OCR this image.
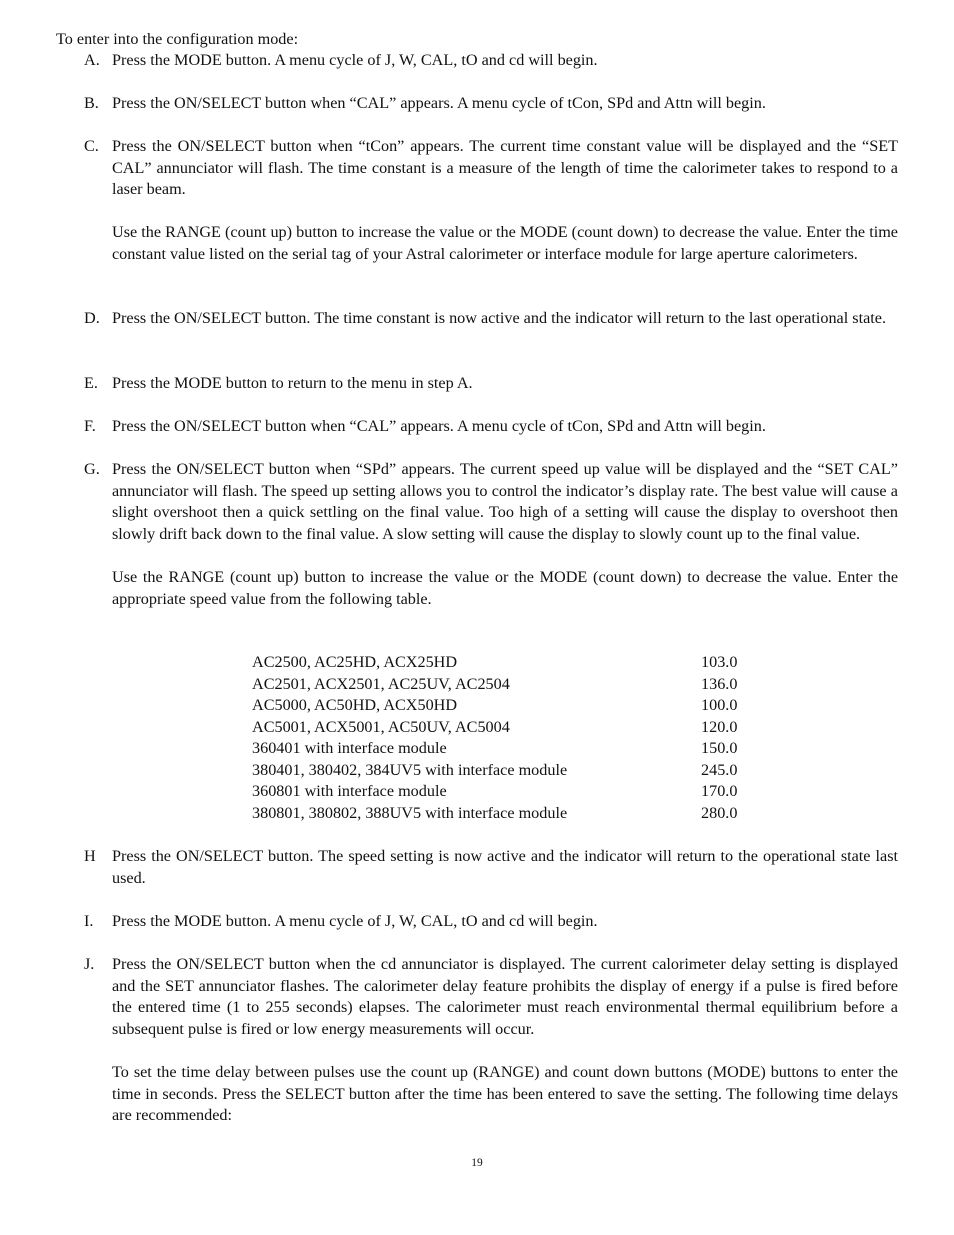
To enter into the configuration mode:
A. Press the MODE button. A menu cycle of J, W, CAL, tO and cd will begin.

B. Press the ON/SELECT button when “CAL” appears. A menu cycle of tCon, SPd and Attn will begin.

C. Press the ON/SELECT button when “tCon” appears. The current time constant value will be displayed and the “SET CAL” annunciator will flash. The time constant is a measure of the length of time the calorimeter takes to respond to a laser beam.

Use the RANGE (count up) button to increase the value or the MODE (count down) to decrease the value. Enter the time constant value listed on the serial tag of your Astral calorimeter or interface module for large aperture calorimeters.

D. Press the ON/SELECT button. The time constant is now active and the indicator will return to the last operational state.

E. Press the MODE button to return to the menu in step A.

F.	Press the ON/SELECT button when “CAL” appears. A menu cycle of tCon, SPd and Attn will begin.

G. Press the ON/SELECT button when “SPd” appears. The current speed up value will be displayed and the “SET CAL” annunciator will flash. The speed up setting allows you to control the indicator’s display rate. The best value will cause a slight overshoot then a quick settling on the final value. Too high of a setting will cause the display to overshoot then slowly drift back down to the final value. A slow setting will cause the display to slowly count up to the final value.

Use the RANGE (count up) button to increase the value or the MODE (count down) to decrease the value. Enter the appropriate speed value from the following table.

AC2500, AC25HD, ACX25HD	103.0
AC2501, ACX2501, AC25UV, AC2504	136.0
AC5000, AC50HD, ACX50HD	100.0
AC5001, ACX5001, AC50UV, AC5004	120.0
360401 with interface module	150.0
380401, 380402, 384UV5 with interface module	245.0
360801 with interface module	170.0
380801, 380802, 388UV5 with interface module	280.0
H	Press the ON/SELECT button. The speed setting is now active and the indicator will return to the operational state last used.

I.	Press the MODE button. A menu cycle of J, W, CAL, tO and cd will begin.

J.	Press the ON/SELECT button when the cd annunciator is displayed. The current calorimeter delay setting is displayed and the SET annunciator flashes. The calorimeter delay feature prohibits the display of energy if a pulse is fired before the entered time (1 to 255 seconds) elapses. The calorimeter must reach environmental thermal equilibrium before a subsequent pulse is fired or low energy measurements will occur.

To set the time delay between pulses use the count up (RANGE) and count down buttons (MODE) buttons to enter the time in seconds. Press the SELECT button after the time has been entered to save the setting. The following time delays are recommended:

19
